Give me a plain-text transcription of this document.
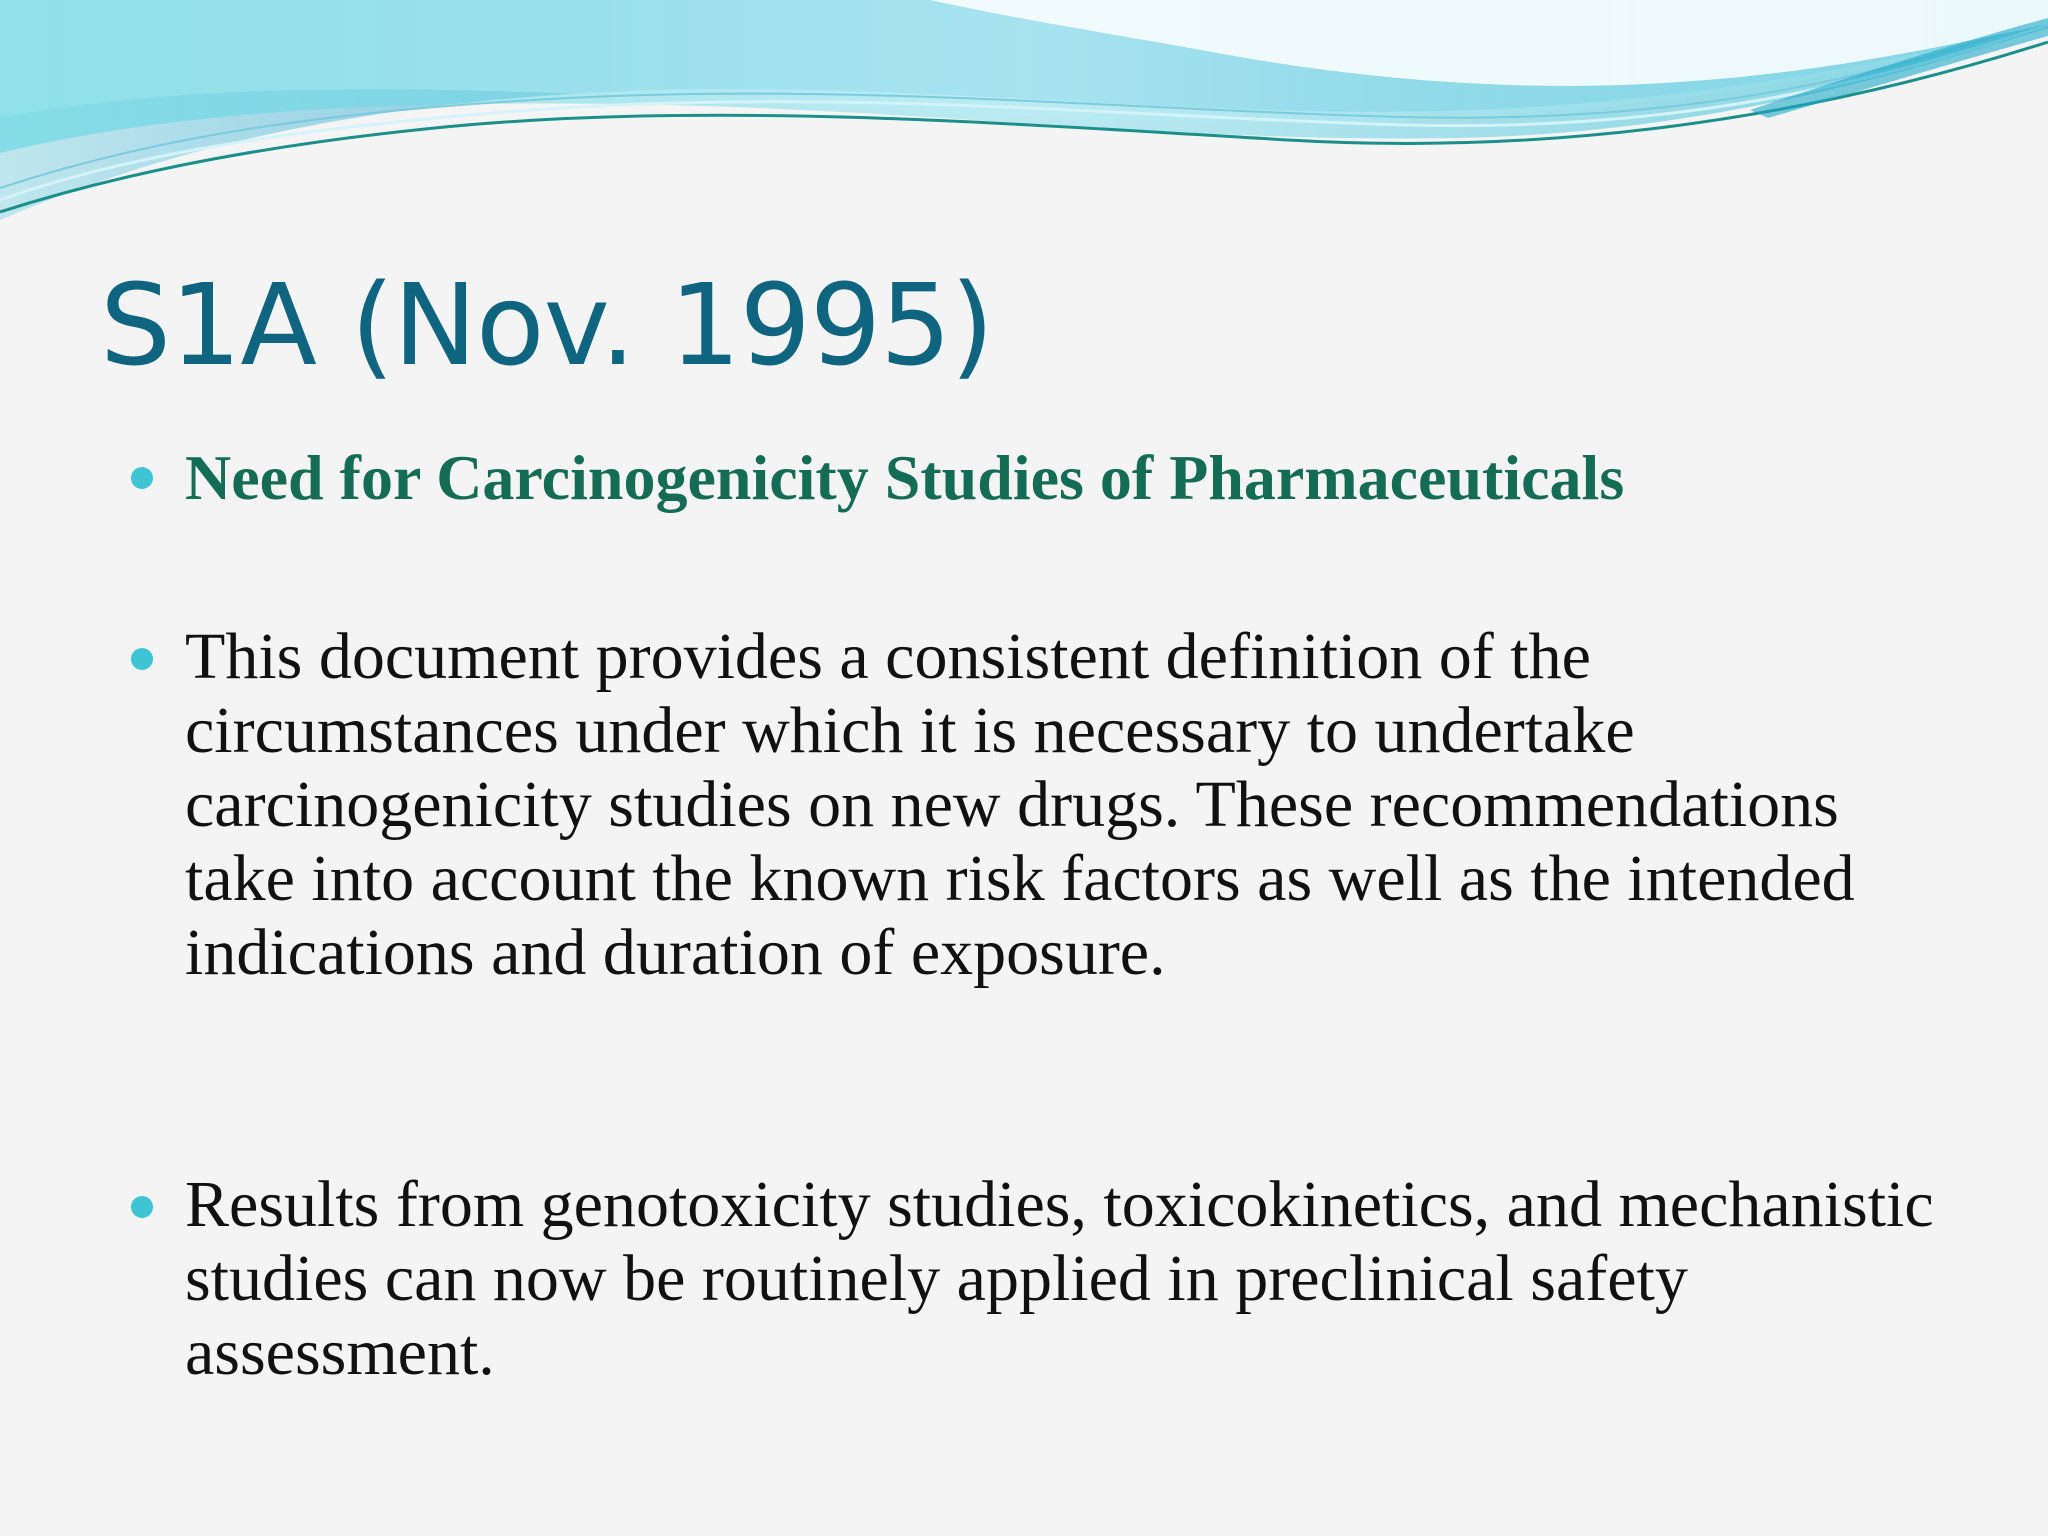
S1A (Nov. 1995)

Need for Carcinogenicity Studies of Pharmaceuticals

This document provides a consistent definition of the circumstances under which it is necessary to undertake carcinogenicity studies on new drugs. These recommendations take into account the known risk factors as well as the intended indications and duration of exposure.

Results from genotoxicity studies, toxicokinetics, and mechanistic studies can now be routinely applied in preclinical safety assessment.
